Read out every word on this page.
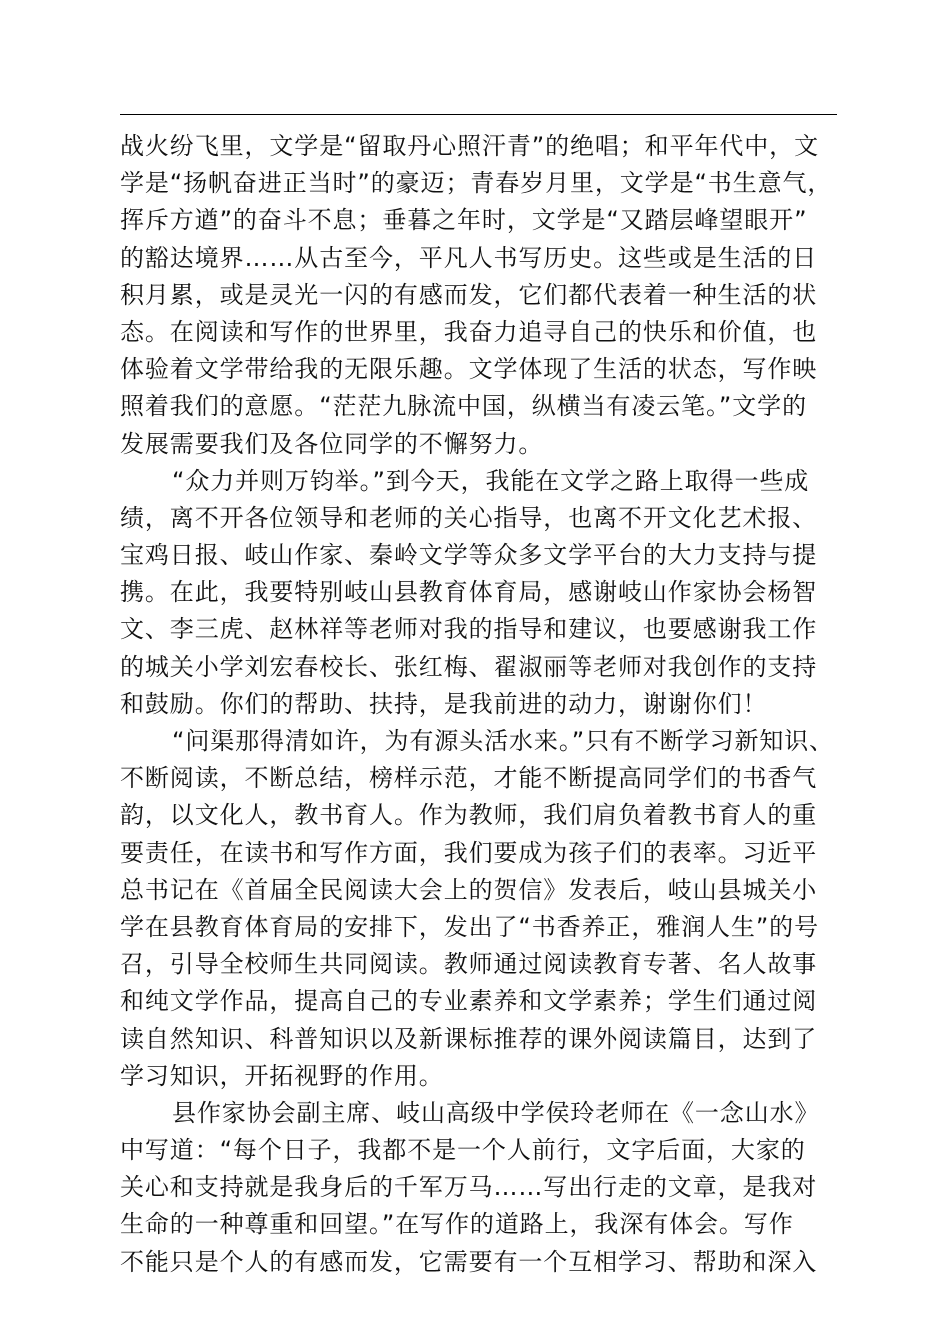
战火纷飞里，文学是“留取丹心照汗青”的绝唱；和平年代中，文
学是“扬帆奋进正当时”的豪迈；青春岁月里，文学是“书生意气，
挥斥方遒”的奋斗不息；垂暮之年时，文学是“又踏层峰望眼开”
的豁达境界……从古至今，平凡人书写历史。这些或是生活的日
积月累，或是灵光一闪的有感而发，它们都代表着一种生活的状
态。在阅读和写作的世界里，我奋力追寻自己的快乐和价值，也
体验着文学带给我的无限乐趣。文学体现了生活的状态，写作映
照着我们的意愿。“茫茫九脉流中国，纵横当有凌云笔。”文学的
发展需要我们及各位同学的不懈努力。
“众力并则万钧举。”到今天，我能在文学之路上取得一些成
绩，离不开各位领导和老师的关心指导，也离不开文化艺术报、
宝鸡日报、岐山作家、秦岭文学等众多文学平台的大力支持与提
携。在此，我要特别岐山县教育体育局，感谢岐山作家协会杨智
文、李三虎、赵林祥等老师对我的指导和建议，也要感谢我工作
的城关小学刘宏春校长、张红梅、翟淑丽等老师对我创作的支持
和鼓励。你们的帮助、扶持，是我前进的动力，谢谢你们！
“问渠那得清如许，为有源头活水来。”只有不断学习新知识、
不断阅读，不断总结，榜样示范，才能不断提高同学们的书香气
韵，以文化人，教书育人。作为教师，我们肩负着教书育人的重
要责任，在读书和写作方面，我们要成为孩子们的表率。习近平
总书记在《首届全民阅读大会上的贺信》发表后，岐山县城关小
学在县教育体育局的安排下，发出了“书香养正，雅润人生”的号
召，引导全校师生共同阅读。教师通过阅读教育专著、名人故事
和纯文学作品，提高自己的专业素养和文学素养；学生们通过阅
读自然知识、科普知识以及新课标推荐的课外阅读篇目，达到了
学习知识，开拓视野的作用。
县作家协会副主席、岐山高级中学侯玲老师在《一念山水》
中写道：“每个日子，我都不是一个人前行，文字后面，大家的
关心和支持就是我身后的千军万马……写出行走的文章，是我对
生命的一种尊重和回望。”在写作的道路上，我深有体会。写作
不能只是个人的有感而发，它需要有一个互相学习、帮助和深入
